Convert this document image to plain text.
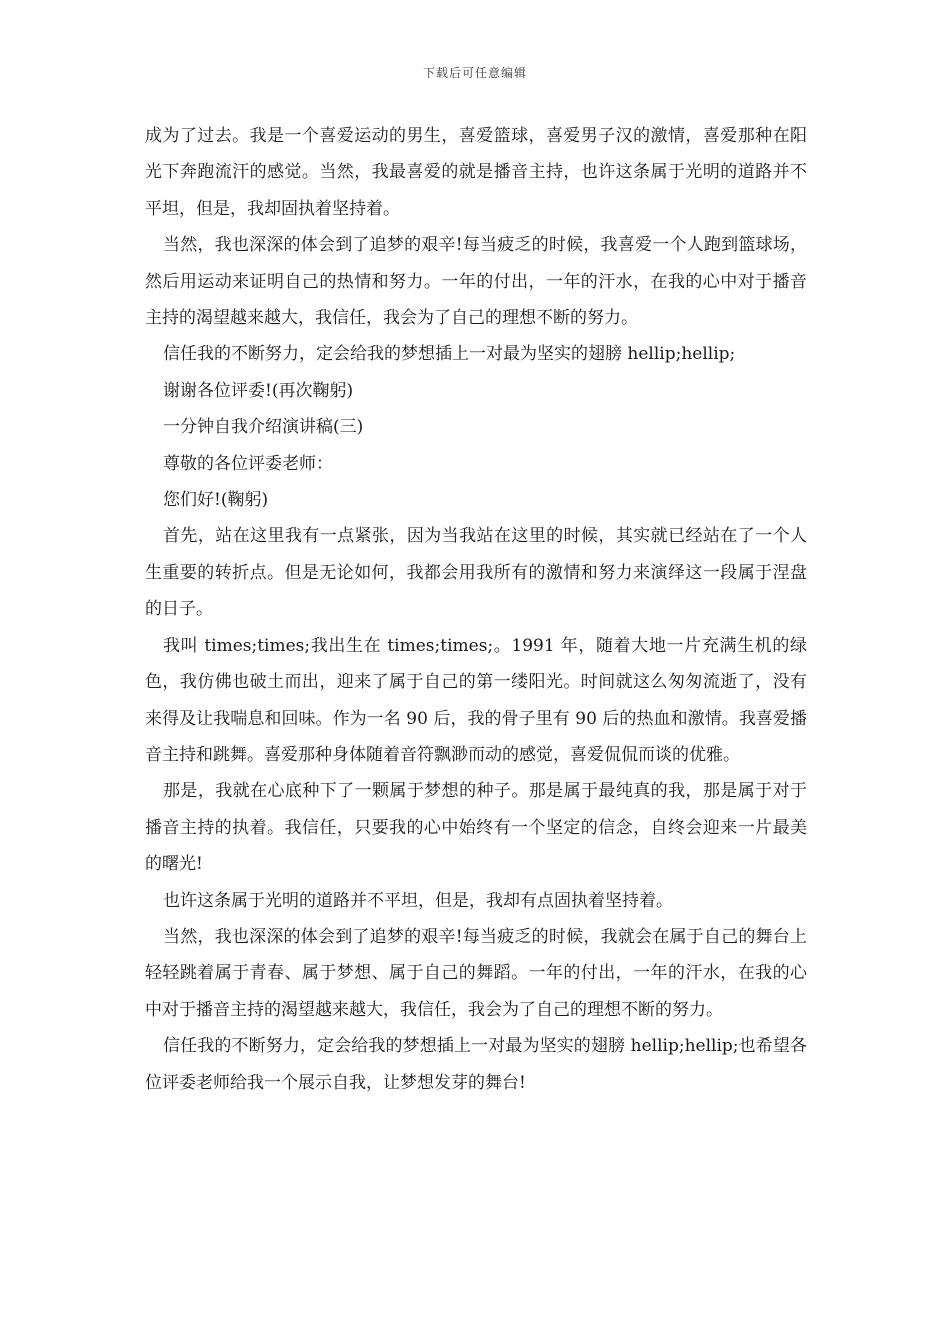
下载后可任意编辑

成为了过去。我是一个喜爱运动的男生，喜爱篮球，喜爱男子汉的激情，喜爱那种在阳光下奔跑流汗的感觉。当然，我最喜爱的就是播音主持，也许这条属于光明的道路并不平坦，但是，我却固执着坚持着。

当然，我也深深的体会到了追梦的艰辛!每当疲乏的时候，我喜爱一个人跑到篮球场，然后用运动来证明自己的热情和努力。一年的付出，一年的汗水，在我的心中对于播音主持的渴望越来越大，我信任，我会为了自己的理想不断的努力。

信任我的不断努力，定会给我的梦想插上一对最为坚实的翅膀 hellip;hellip;

谢谢各位评委!(再次鞠躬)

一分钟自我介绍演讲稿(三)

尊敬的各位评委老师：

您们好!(鞠躬)

首先，站在这里我有一点紧张，因为当我站在这里的时候，其实就已经站在了一个人生重要的转折点。但是无论如何，我都会用我所有的激情和努力来演绎这一段属于涅盘的日子。

我叫 times;times;我出生在 times;times;。1991 年，随着大地一片充满生机的绿色，我仿佛也破土而出，迎来了属于自己的第一缕阳光。时间就这么匆匆流逝了，没有来得及让我喘息和回味。作为一名 90 后，我的骨子里有 90 后的热血和激情。我喜爱播音主持和跳舞。喜爱那种身体随着音符飘渺而动的感觉，喜爱侃侃而谈的优雅。

那是，我就在心底种下了一颗属于梦想的种子。那是属于最纯真的我，那是属于对于播音主持的执着。我信任，只要我的心中始终有一个坚定的信念，自终会迎来一片最美的曙光!

也许这条属于光明的道路并不平坦，但是，我却有点固执着坚持着。

当然，我也深深的体会到了追梦的艰辛!每当疲乏的时候，我就会在属于自己的舞台上轻轻跳着属于青春、属于梦想、属于自己的舞蹈。一年的付出，一年的汗水，在我的心中对于播音主持的渴望越来越大，我信任，我会为了自己的理想不断的努力。

信任我的不断努力，定会给我的梦想插上一对最为坚实的翅膀 hellip;hellip;也希望各位评委老师给我一个展示自我，让梦想发芽的舞台!
